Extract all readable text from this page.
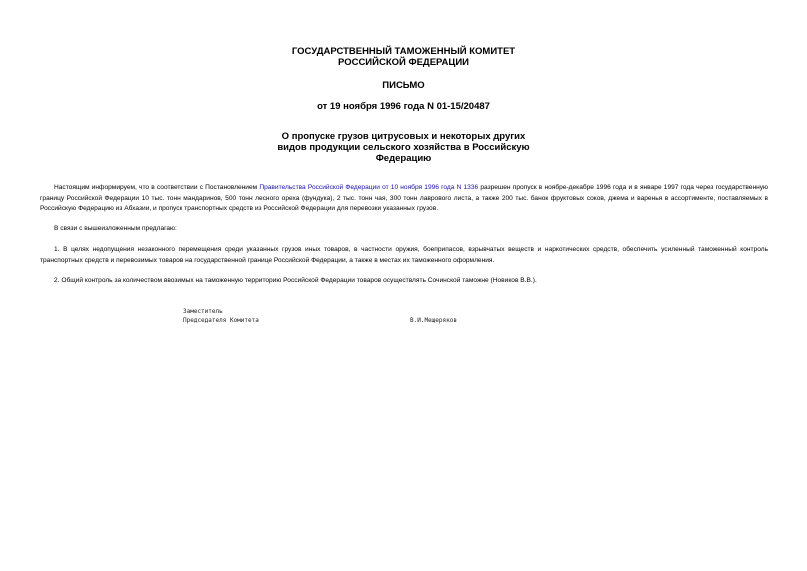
ГОСУДАРСТВЕННЫЙ ТАМОЖЕННЫЙ КОМИТЕТ
РОССИЙСКОЙ ФЕДЕРАЦИИ
ПИСЬМО
от 19 ноября 1996 года N 01-15/20487
О пропуске грузов цитрусовых и некоторых других
видов продукции сельского хозяйства в Российскую
Федерацию

Настоящим информируем, что в соответствии с Постановлением Правительства Российской Федерации от 10 ноября 1996 года N 1336 разрешен пропуск в ноябре-декабре 1996 года и в январе 1997 года через государственную границу Российской Федерации 10 тыс. тонн мандаринов, 500 тонн лесного ореха (фундука), 2 тыс. тонн чая, 300 тонн лаврового листа, а также 200 тыс. банок фруктовых соков, джема и варенья в ассортименте, поставляемых в Российскую Федерацию из Абхазии, и пропуск транспортных средств из Российской Федерации для перевозки указанных грузов.

В связи с вышеизложенным предлагаю:

1. В целях недопущения незаконного перемещения среди указанных грузов иных товаров, в частности оружия, боеприпасов, взрывчатых веществ и наркотических средств, обеспечить усиленный таможенный контроль транспортных средств и перевозимых товаров на государственной границе Российской Федерации, а также в местах их таможенного оформления.

2. Общий контроль за количеством ввозимых на таможенную территорию Российской Федерации товаров осуществлять Сочинской таможне (Новиков В.В.).

Заместитель
Председателя Комитета	В.И.Мещеряков
